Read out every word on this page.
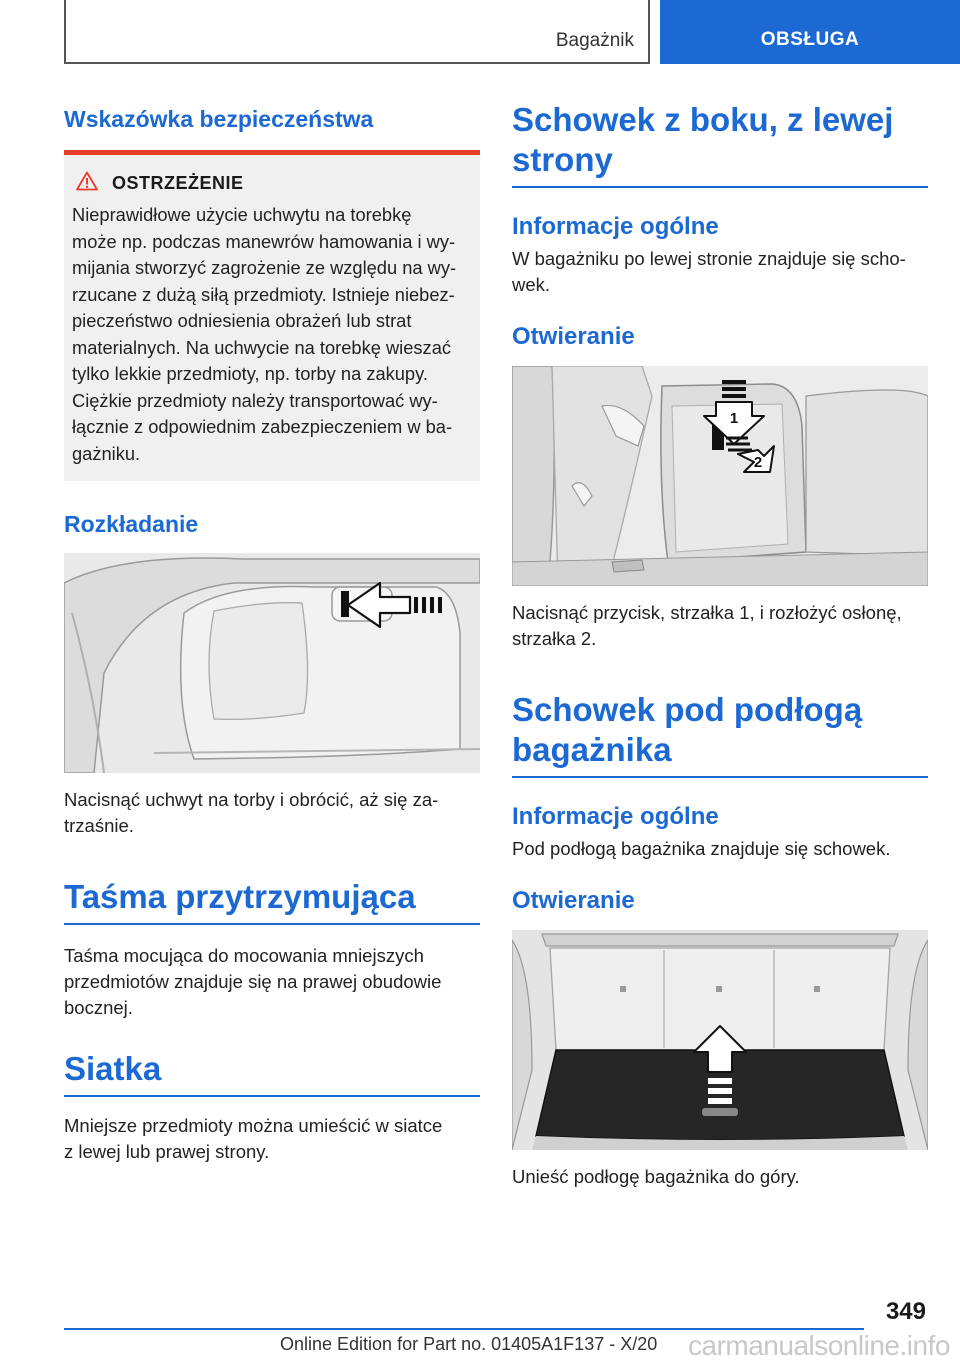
Bagażnik	OBSŁUGA
Wskazówka bezpieczeństwa
OSTRZEŻENIE
Nieprawidłowe użycie uchwytu na torebkę
może np. podczas manewrów hamowania i wy-
mijania stworzyć zagrożenie ze względu na wy-
rzucane z dużą siłą przedmioty. Istnieje niebez-
pieczeństwo odniesienia obrażeń lub strat
materialnych. Na uchwycie na torebkę wieszać
tylko lekkie przedmioty, np. torby na zakupy.
Ciężkie przedmioty należy transportować wy-
łącznie z odpowiednim zabezpieczeniem w ba-
gażniku.
Rozkładanie
Nacisnąć uchwyt na torby i obrócić, aż się za-
trzaśnie.
Taśma przytrzymująca
Taśma mocująca do mocowania mniejszych
przedmiotów znajduje się na prawej obudowie
bocznej.
Siatka
Mniejsze przedmioty można umieścić w siatce
z lewej lub prawej strony.
Schowek z boku, z lewej
strony
Informacje ogólne
W bagażniku po lewej stronie znajduje się scho-
wek.
Otwieranie
1
2
Nacisnąć przycisk, strzałka 1, i rozłożyć osłonę,
strzałka 2.
Schowek pod podłogą
bagażnika
Informacje ogólne
Pod podłogą bagażnika znajduje się schowek.
Otwieranie
Unieść podłogę bagażnika do góry.
349
Online Edition for Part no. 01405A1F137 - X/20 carmanualsonline.info
